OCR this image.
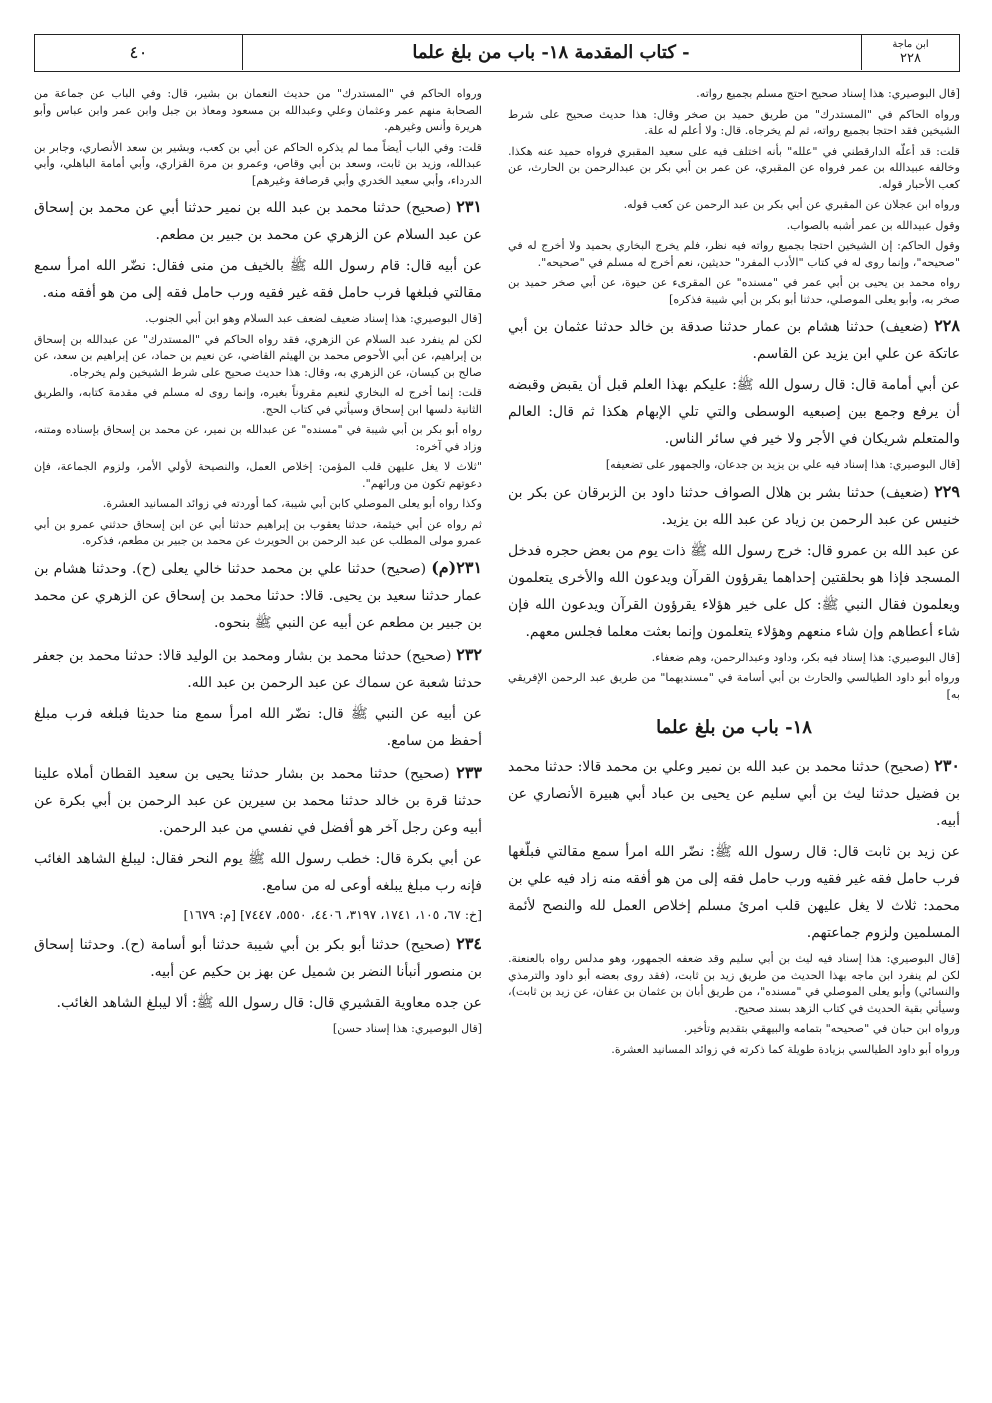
ابن ماجة
٢٢٨
- كتاب المقدمة ١٨- باب من بلغ علما
٤٠

[قال البوصيري: هذا إسناد صحيح احتج مسلم بجميع رواته.

ورواه الحاكم في "المستدرك" من طريق حميد بن صخر وقال: هذا حديث صحيح على شرط الشيخين فقد احتجا بجميع رواته، ثم لم يخرجاه. قال: ولا أعلم له علة.

قلت: قد أعلّه الدارقطني في "علله" بأنه اختلف فيه على سعيد المقبري فرواه حميد عنه هكذا. وخالفه عبيدالله بن عمر فرواه عن المقبري، عن عمر بن أبي بكر بن عبدالرحمن بن الحارث، عن كعب الأحبار قوله.

ورواه ابن عجلان عن المقبري عن أبي بكر بن عبد الرحمن عن كعب قوله.

وقول عبيدالله بن عمر أشبه بالصواب.

وقول الحاكم: إن الشيخين احتجا بجميع رواته فيه نظر، فلم يخرج البخاري بحميد ولا أخرج له في "صحيحه"، وإنما روى له في كتاب "الأدب المفرد" حديثين، نعم أخرج له مسلم في "صحيحه".

رواه محمد بن يحيى بن أبي عمر في "مسنده" عن المقرىء عن حيوة، عن أبي صخر حميد بن صخر به، وأبو يعلى الموصلي، حدثنا أبو بكر بن أبي شيبة فذكره]

٢٢٨ (ضعيف) حدثنا هشام بن عمار حدثنا صدقة بن خالد حدثنا عثمان بن أبي عاتكة عن علي ابن يزيد عن القاسم.

عن أبي أمامة قال: قال رسول الله ﷺ: عليكم بهذا العلم قبل أن يقبض وقبضه أن يرفع وجمع بين إصبعيه الوسطى والتي تلي الإبهام هكذا ثم قال: العالم والمتعلم شريكان في الأجر ولا خير في سائر الناس.

[قال البوصيري: هذا إسناد فيه علي بن يزيد بن جدعان، والجمهور على تضعيفه]

٢٢٩ (ضعيف) حدثنا بشر بن هلال الصواف حدثنا داود بن الزبرقان عن بكر بن خنيس عن عبد الرحمن بن زياد عن عبد الله بن يزيد.

عن عبد الله بن عمرو قال: خرج رسول الله ﷺ ذات يوم من بعض حجره فدخل المسجد فإذا هو بحلقتين إحداهما يقرؤون القرآن ويدعون الله والأخرى يتعلمون ويعلمون فقال النبي ﷺ: كل على خير هؤلاء يقرؤون القرآن ويدعون الله فإن شاء أعطاهم وإن شاء منعهم وهؤلاء يتعلمون وإنما بعثت معلما فجلس معهم.

[قال البوصيري: هذا إسناد فيه بكر، وداود وعبدالرحمن، وهم ضعفاء.

ورواه أبو داود الطيالسي والحارث بن أبي أسامة في "مسنديهما" من طريق عبد الرحمن الإفريقي به]

١٨- باب من بلغ علما

٢٣٠ (صحيح) حدثنا محمد بن عبد الله بن نمير وعلي بن محمد قالا: حدثنا محمد بن فضيل حدثنا ليث بن أبي سليم عن يحيى بن عباد أبي هبيرة الأنصاري عن أبيه.

عن زيد بن ثابت قال: قال رسول الله ﷺ: نضّر الله امرأ سمع مقالتي فبلّغها فرب حامل فقه غير فقيه ورب حامل فقه إلى من هو أفقه منه زاد فيه علي بن محمد: ثلاث لا يغل عليهن قلب امرئ مسلم إخلاص العمل لله والنصح لأئمة المسلمين ولزوم جماعتهم.

[قال البوصيري: هذا إسناد فيه ليث بن أبي سليم وقد ضعفه الجمهور، وهو مدلس رواه بالعنعنة. لكن لم ينفرد ابن ماجه بهذا الحديث من طريق زيد بن ثابت، (فقد روى بعضه أبو داود والترمذي والنسائي) وأبو يعلى الموصلي في "مسنده"، من طريق أبان بن عثمان بن عفان، عن زيد بن ثابت)، وسيأتي بقية الحديث في كتاب الزهد بسند صحيح.

ورواه ابن حبان في "صحيحه" بتمامه والبيهقي بتقديم وتأخير.

ورواه أبو داود الطيالسي بزيادة طويلة كما ذكرته في زوائد المسانيد العشرة.

ورواه الحاكم في "المستدرك" من حديث النعمان بن بشير، قال: وفي الباب عن جماعة من الصحابة منهم عمر وعثمان وعلي وعبدالله بن مسعود ومعاذ بن جبل وابن عمر وابن عباس وأبو هريرة وأنس وغيرهم.

قلت: وفي الباب أيضاً مما لم يذكره الحاكم عن أبي بن كعب، وبشير بن سعد الأنصاري، وجابر بن عبدالله، وزيد بن ثابت، وسعد بن أبي وقاص، وعمرو بن مرة القزاري، وأبي أمامة الباهلي، وأبي الدرداء، وأبي سعيد الخدري وأبي قرصافة وغيرهم]

٢٣١ (صحيح) حدثنا محمد بن عبد الله بن نمير حدثنا أبي عن محمد بن إسحاق عن عبد السلام عن الزهري عن محمد بن جبير بن مطعم.

عن أبيه قال: قام رسول الله ﷺ بالخيف من منى فقال: نضّر الله امرأ سمع مقالتي فبلغها فرب حامل فقه غير فقيه ورب حامل فقه إلى من هو أفقه منه.

[قال البوصيري: هذا إسناد ضعيف لضعف عبد السلام وهو ابن أبي الجنوب.

لكن لم ينفرد عبد السلام عن الزهري، فقد رواه الحاكم في "المستدرك" عن عبدالله بن إسحاق بن إبراهيم، عن أبي الأحوص محمد بن الهيثم القاضي، عن نعيم بن حماد، عن إبراهيم بن سعد، عن صالح بن كيسان، عن الزهري به، وقال: هذا حديث صحيح على شرط الشيخين ولم يخرجاه.

قلت: إنما أخرج له البخاري لنعيم مقروناً بغيره، وإنما روى له مسلم في مقدمة كتابه، والطريق الثانية دلسها ابن إسحاق وسيأتي في كتاب الحج.

رواه أبو بكر بن أبي شيبة في "مسنده" عن عبدالله بن نمير، عن محمد بن إسحاق بإسناده ومتنه، وزاد في آخره:

"ثلاث لا يغل عليهن قلب المؤمن: إخلاص العمل، والنصيحة لأولي الأمر، ولزوم الجماعة، فإن دعوتهم تكون من ورائهم".

وكذا رواه أبو يعلى الموصلي كابن أبي شيبة، كما أوردته في زوائد المسانيد العشرة.

ثم رواه عن أبي خيثمة، حدثنا يعقوب بن إبراهيم حدثنا أبي عن ابن إسحاق حدثني عمرو بن أبي عمرو مولى المطلب عن عبد الرحمن بن الحويرث عن محمد بن جبير بن مطعم، فذكره.

٢٣١(م) (صحيح) حدثنا علي بن محمد حدثنا خالي يعلى (ح). وحدثنا هشام بن عمار حدثنا سعيد بن يحيى. قالا: حدثنا محمد بن إسحاق عن الزهري عن محمد بن جبير بن مطعم عن أبيه عن النبي ﷺ بنحوه.

٢٣٢ (صحيح) حدثنا محمد بن بشار ومحمد بن الوليد قالا: حدثنا محمد بن جعفر حدثنا شعبة عن سماك عن عبد الرحمن بن عبد الله.

عن أبيه عن النبي ﷺ قال: نضّر الله امرأ سمع منا حديثا فبلغه فرب مبلغ أحفظ من سامع.

٢٣٣ (صحيح) حدثنا محمد بن بشار حدثنا يحيى بن سعيد القطان أملاه علينا حدثنا قرة بن خالد حدثنا محمد بن سيرين عن عبد الرحمن بن أبي بكرة عن أبيه وعن رجل آخر هو أفضل في نفسي من عبد الرحمن.

عن أبي بكرة قال: خطب رسول الله ﷺ يوم النحر فقال: ليبلغ الشاهد الغائب فإنه رب مبلغ يبلغه أوعى له من سامع.

[خ: ٦٧، ١٠٥، ١٧٤١، ٣١٩٧، ٤٤٠٦، ٥٥٥٠، ٧٤٤٧] [م: ١٦٧٩]

٢٣٤ (صحيح) حدثنا أبو بكر بن أبي شيبة حدثنا أبو أسامة (ح). وحدثنا إسحاق بن منصور أنبأنا النضر بن شميل عن بهز بن حكيم عن أبيه.

عن جده معاوية القشيري قال: قال رسول الله ﷺ: ألا ليبلغ الشاهد الغائب.

[قال البوصيري: هذا إسناد حسن]
